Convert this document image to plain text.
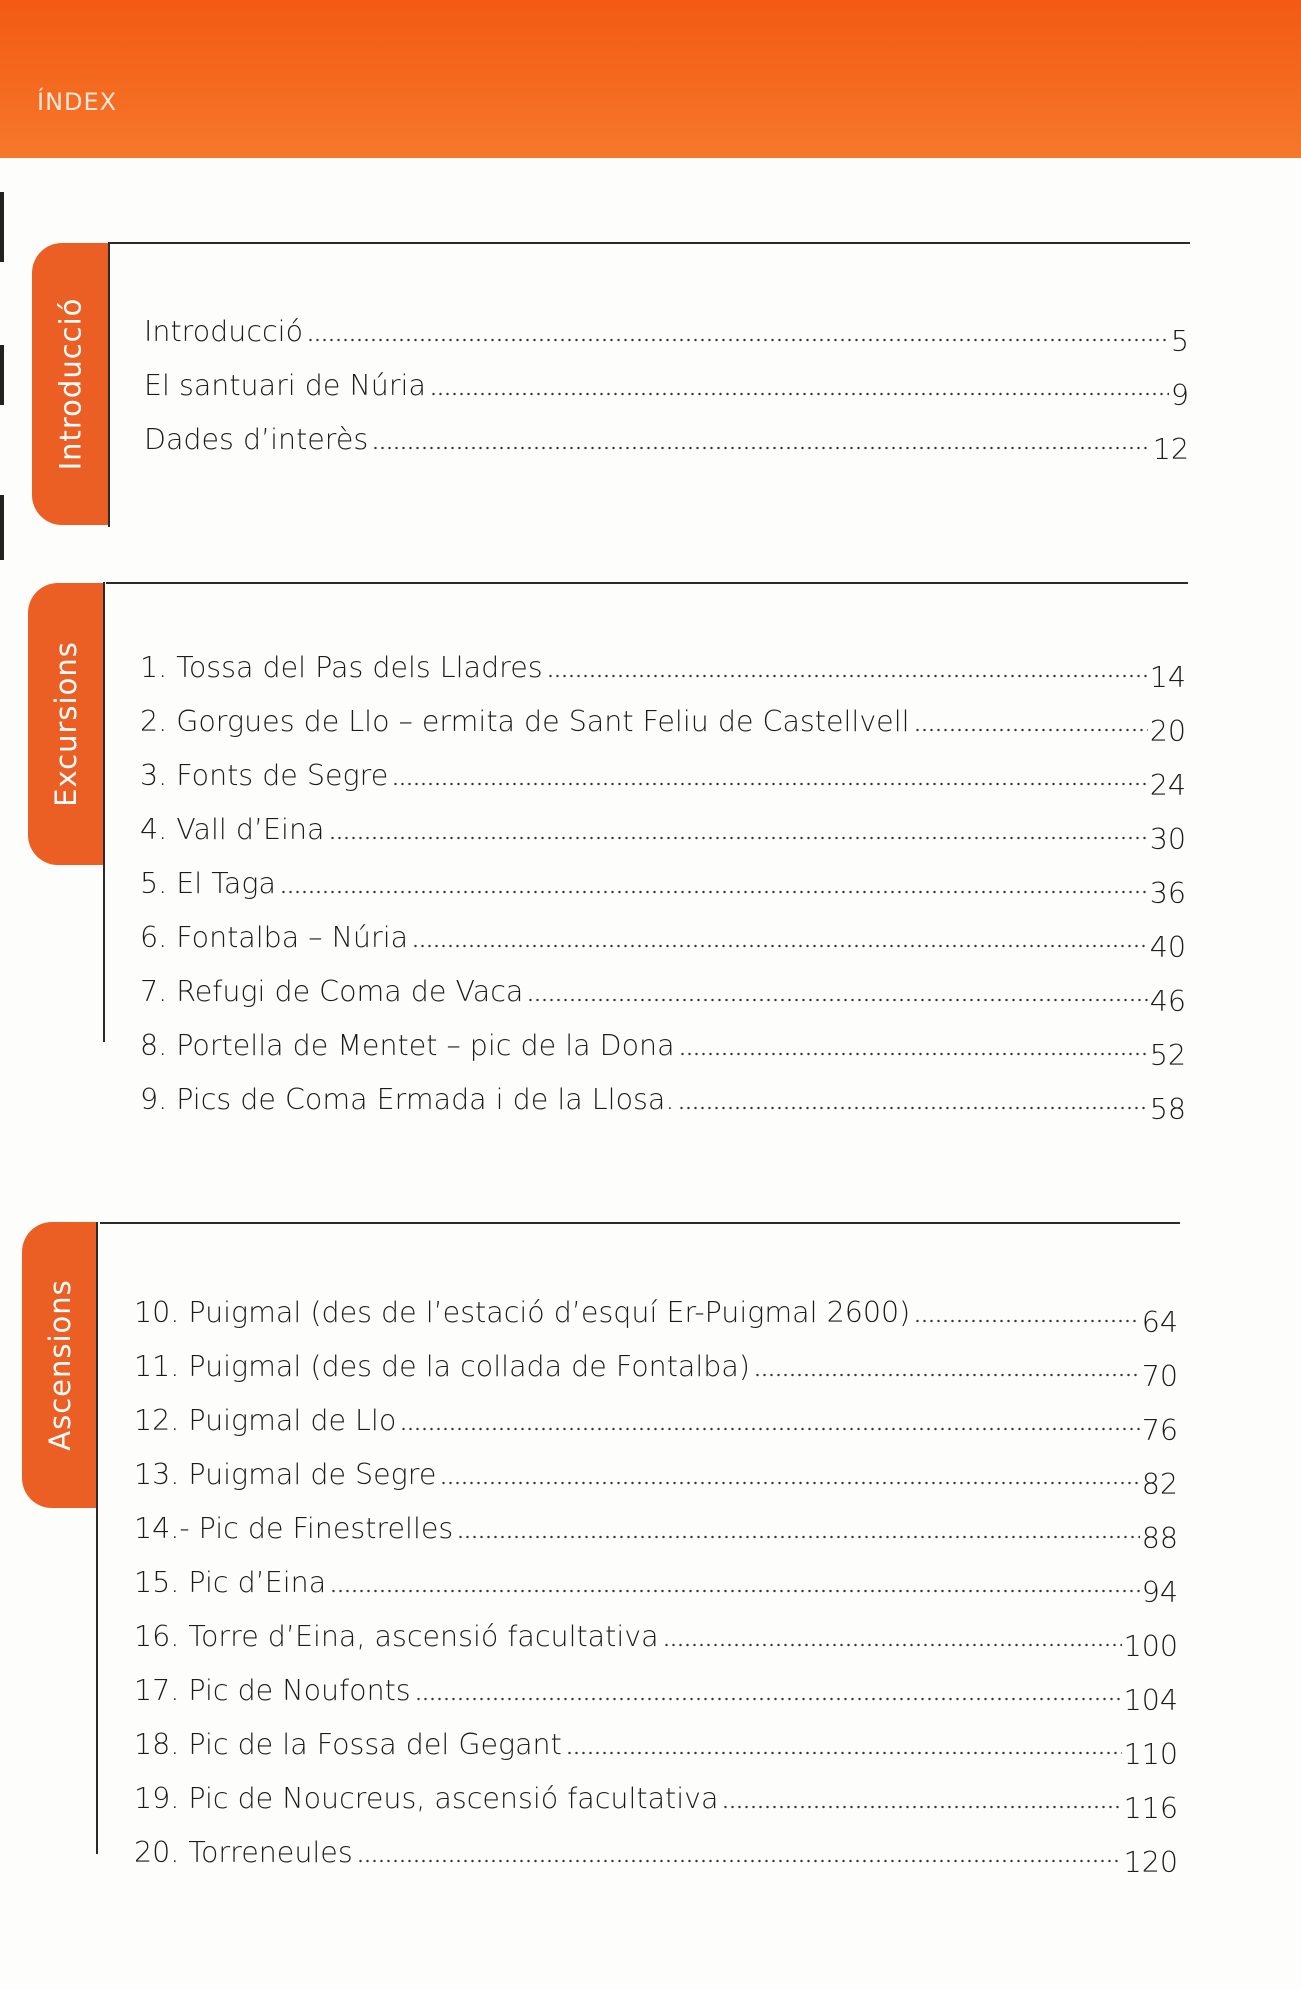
ÍNDEX
Introducció Introducció	5
El santuari de Núria	9
Dades d’interès	12
Excursions 1. Tossa del Pas dels Lladres	14
2. Gorgues de Llo – ermita de Sant Feliu de Castellvell	20
3. Fonts de Segre	24
4. Vall d’Eina	30
5. El Taga	36
6. Fontalba – Núria	40
7. Refugi de Coma de Vaca	46
8. Portella de Mentet – pic de la Dona	52
9. Pics de Coma Ermada i de la Llosa.	58
Ascensions 10. Puigmal (des de l’estació d’esquí Er-Puigmal 2600)	64
11. Puigmal (des de la collada de Fontalba)	70
12. Puigmal de Llo	76
13. Puigmal de Segre	82
14.- Pic de Finestrelles	88
15. Pic d’Eina	94
16. Torre d’Eina, ascensió facultativa	100
17. Pic de Noufonts	104
18. Pic de la Fossa del Gegant	110
19. Pic de Noucreus, ascensió facultativa	116
20. Torreneules	120
